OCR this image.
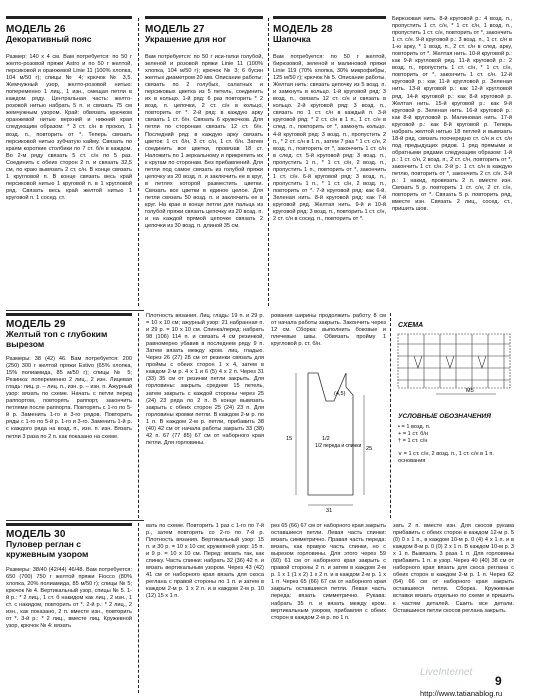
МОДЕЛЬ 26
Декоративный пояс
Размер: 140 х 4 см. Вам потребуется: по 50 г желто-розовой пряжи Astro и по 50 г желтой, персиковой и оранжевой Linie 11 (100% хлопка, 104 м/50 г); спицы № 4; крючок № 3,5. Жемчужный узор, желто-розовой нитью: попеременно 1 лиц., 1 изн., смещая петли в каждом ряду. Центральная часть: желто-розовой нитью набрать 5 п. и связать 75 см жемчужным узором. Край: обвязать крючком оранжевой нитью верхний и нижний края следующим образом: * 3 ст. с/н в прокол, 1 возд. п., повторить от *. Теперь связать персиковой нитью зубчатую кайму. Связать по краям короткие столбики по 7 ст. б/н в каждом. Во 2-м ряду связать 5 ст. с/н по 5 раз. Соединить с обеих сторон 2 п. и связать 32,5 см, по краю вывязать 2 ст. с/н. В конце связать 1 кругловой п. В конце связать весь край персиковой нитью 1 круговой п. в 1 кругловой ряд. Связать весь край желтой нитью 1 круговой п. 1 сосед. ст.
МОДЕЛЬ 27
Украшение для ног
Вам потребуется: по 50 г иси-гатки голубой, зеленой и розовой пряжи Linie 11 (100% хлопка, 104 м/50 г); крючок № 3; 6 бусин желтых диаметром 20 мм. Описание работы: связать по 2 голубых, салатных и персиковых цветка из 5 петель, соединить их в кольцо. 1-й ряд: 6 раз повторить * 2 возд. п. цепочки, 2 ст. с/н в кольцо, повторить от *. 2-й ряд: в каждую арку связать 1 ст. б/н. Связать 6 кружочков. Для петли по сторонам связать 12 ст. б/н. Последний ряд: в каждую арку связать цветок: 1 ст. б/н, 3 ст. с/н, 1 ст. б/н. Затем соединить все цветки, провязав 18 ст. Наложить по 1 зеркальному и прикрепить их к кругам по сторонам. Без прибавлений. Для петли под самое связать из голубой пряжи цепочку из 20 возд. п. и заключить ее в круг, в петлях которой разместить цветки. Связать все цветки в единое целое. Для петли связать 50 возд. п. и заключить ее в круг. На крае в конце петли для пальца из голубой пряжи связать цепочку из 20 возд. п. и на каждой прямой цепочке связать 2 цепочки из 30 возд. п. длиной 35 см.
МОДЕЛЬ 28
Шапочка
Вам потребуется: по 50 г желтой, бирюзовой, зеленой и малиновой пряжи Linie 119 (70% хлопка, 30% микрофибры, 125 м/50 г); крючок № 5. Описание работы. Желтая нить: связать цепочку из 5 возд. п. и замкнуть в кольцо. 1-й круговой ряд: 3 возд. п., связать 12 ст. с/н и связать в кольцо. 2-й круговой ряд: 3 возд. п., связать по 1 ст. с/н в каждый п. 3-й круговой ряд: * 2 ст. с/н в 1 п., 1 ст. с/н в след. п., повторить от *, замкнуть кольцо. 4-й круговой ряд: 3 возд. п., пропустить 2 п., * 2 ст. с/н в 1 п., затем 7 раз * 1 ст. с/н, 2 возд. п., повторить от *, закончить 1 ст. с/н в след. ст. 5-й круговой ряд: 3 возд. п., пропустить 1 п., * 1 ст. с/н, 2 возд. п., пропустить 1 п., повторить от *, закончить 1 ст. с/н. 6-й круговой ряд: 3 возд. п., пропустить 1 п., * 1 ст. с/н, 2 возд. п., повторить от *. 7-й круговой ряд: как 6-й. Зеленая нить. 8-й круговой ряд: как 7-й круговой ряд. Желтая нить. 9-й и 10-й круговой ряд: 3 возд. п., повторить 1 ст. с/н, 2 ст. с/н в сосед. п., повторить от *.
Бирюзовая нить. 8-й круговой р.: 4 возд. п., пропустить 1 ст. с/н, * 1 ст. с/н, 1 возд. п., пропустить 1 ст. с/н, повторить от *, закончить 1 ст. с/н. 9-й круговой р.: 3 возд. п., 1 ст. с/н в 1-ю арку, * 1 возд. п., 2 ст. с/н в след. арку, повторить от *. Желтая нить. 10-й круговой р.: как 9-й кругловой ряд. 11-й круговой р.: 2 возд. п., пропустить 1 ст. с/н, * 1 ст. с/н, повторить от *, закончить 1 ст. с/н. 12-й круговой р.: как 11-й кругловой р. Зеленая нить. 13-й круговой р.: как 12-й кругловой ряд. 14-й круговой р.: как 8-й круговой р. Желтая нить. 15-й круговой р.: как 9-й круговой р. Зеленая нить. 16-й круговой р.: как 8-й кругловой р. Малиновая нить. 17-й круговой р.: как 8-й круговой р. Теперь набрать желтой нитью 18 петлей и вывязать 18-й ряд, связать поочередно ст. с/н и ст. с/н под предыдущих рядов. 1 ряд прямыми и обратными рядами следующим образом: 1-й р.: 1 ст. с/н, 2 возд. п., 2 ст. с/н, повторить от *, закончить 1 ст. с/н. 2-й р.: 1 ст. с/н в каждую петлю, повторить от *, закончить 2 ст. с/н. 3-й р.: 1 накид, провязать 2 п. вместе изн. Связать 5 р. повторить 1 ст. с/н, 2 ст. с/н, повторить от *. Связать 5 р. повторить ряд, вместе изн. Связать 2 лиц., сосед. ст., пришить шов.
МОДЕЛЬ 29
Желтый топ с глубоким вырезом
Размеры: 38 (42) 46. Вам потребуется: 200 (250) 300 г желтой пряжи Estivo (65% хлопка, 15% полиамида, 85 м/50 г); спицы № 5; Резинка: попеременно 2 лиц., 2 изн. Лицевая гладь: лиц. р. – лиц. п., изн. р. – изн. п. Ажурный узор: вязать по схеме. Начать с петли перед раппортом, повторять раппорт, закончить петлями после раппорта. Повторять с 1-го по 5-й р. Заменить 1-го и 3-го рядов. Повторить ряды с 1-го по 5-й р. 1-го и 3-го. Заменить 1-й р. с каждого ряда на возд. п., изн. п. изн. Вязать петли 3 раза по 2 п. как показано на схеме.
Плотность вязания. Лиц. гладь: 19 п. и 29 р. = 10 х 10 см; ажурный узор: 21 набранная п. и 29 р. = 10 х 10 см. Спинка/перед: набрать 98 (106) 114 п. и связать 4 см резинкой, равномерно убавив в последнем ряду 9 п. Затем вязать между кром. лиц. гладью. Через 26 (27) 28 см от резинки связать для проймы с обеих сторон 1 х 4, затем в каждом 2-м р. 4 х 1 и 6 (5) 4 х 2 п. Через 31 (33) 35 см от резинки петли закрыть. Для горловины: закрыть средние 15 петель, затем закрыть с каждой стороны через 25 (24) 23 ряда по 2 п. В конце вывязать закрыть с обеих сторон 25 (24) 23 п. Для горловины кромки петли. В каждом 2-м р. по 1 п. В каждом 2-м р. петли, прибавить 38 (40) 42 см от начала работы закрыть 33 (38) 42 п. 67 (77 85) 67 см от наборного края петли. Для горловины.
рования ширины продолжить работу 8 см от начала работы закрыть. Закончить через 12 см. Сборка: выполнить боковые и плечевые швы. Обвязать пройму 1 кругловой р. ст. б/н.
1/2
1/2 переда и спинки
31
25
15
(4,5)
СХЕМА
М5
УСЛОВНЫЕ ОБОЗНАЧЕНИЯ
• = 1 возд. п.
+ = 1 ст. б/н
† = 1 ст. с/н
⋎ = 1 ст. с/н, 2 возд. п., 1 ст. с/н в 1 п. основания
МОДЕЛЬ 30
Пуловер реглан с кружевным узором
Размеры: 38/40 (42/44) 46/48. Вам потребуется: 650 (700) 750 г желтой пряжи Fiocco (80% хлопка, 20% полиамида, 85 м/50 г); спицы № 5; крючок № 4. Вертикальный узор, спицы № 5. 1-й р.: * 2 лиц., 1 ст. б накидом как лиц., 2 изн., 1 ст. с накидом, повторить от *. 2-й р.: * 2 лиц., 2 изн., как показано, 2 п. вместе изн., повторить от *. 3-й р.: * 2 лиц., вместе лиц. Кружевной узор, крючок № 4: вязать
вать по схеме. Повторить 1 раз с 1-го по 7-й р., затем повторять со 2-го по 7-й р. Плотность вязания. Вертикальный узор: 15 п. и 30 р. = 10 х 10 см; кружевной узор: 15 п. и 9 р. = 10 х 10 см. Перед: вязать так, как спинку. Часть спинки: набрать 32 (36) 42 п. и вязать вертикальным узором. Через 43 (42) 41 см от наборного края вязать для скоса реглана с правой стороны по 1 п. и затем в каждом 2-м р. 1 х 2 п. и в каждом 2-м р. 10 (12) 15 х 1 п.
рез 65 (66) 67 см от наборного края закрыть оставшиеся петли. Левая часть спинки: вязать симметрично. Правая часть переда: вязать, как правую часть спинки, но с вырезом горловины. Для этого через 59 (60) 61 см от наборного края закрыть с правой стороны 2 п. и затем в каждом 2-м р. 1 х 1 (1 х 2) 1 х 2 п. и в каждом 2-м р. 1 х 1 п. Через 65 (66) 67 см от наборного края закрыть оставшиеся петли. Левая часть переда: вязать симметрично. Рукава: набрать 35 п. и вязать между кром. вертикальным узором, прибавляя с обеих сторон в каждом 2-м р. по 1 п.
зать 2 п. вместе изн. Для скосов рукава прибавить с обеих сторон в каждом 12-м р. 5 (0) 0 х 1 п., в каждом 10-м р. 0 (4) 4 х 1 п. и в каждом 8-м р. 0 (0) 2 х 1 п. В каждом 10-м р. 3 х 1 п. Вывязать 3 раза 1 п. Для горловины прибавить 1 п. в узор. Через 40 (40) 38 см от наборного края вязать для скоса реглана с обеих сторон в каждом 2-м р. 1 п. Через 62 (64) 66 см от наборного края закрыть оставшиеся петли. Сборка. Кружевные вставки вязать отдельно по схеме и пришить к частям деталей. Сшить все детали. Оставшиеся петли скосов реглана закрыть.
LiveInternet
9
http://www.tatianablog.ru
